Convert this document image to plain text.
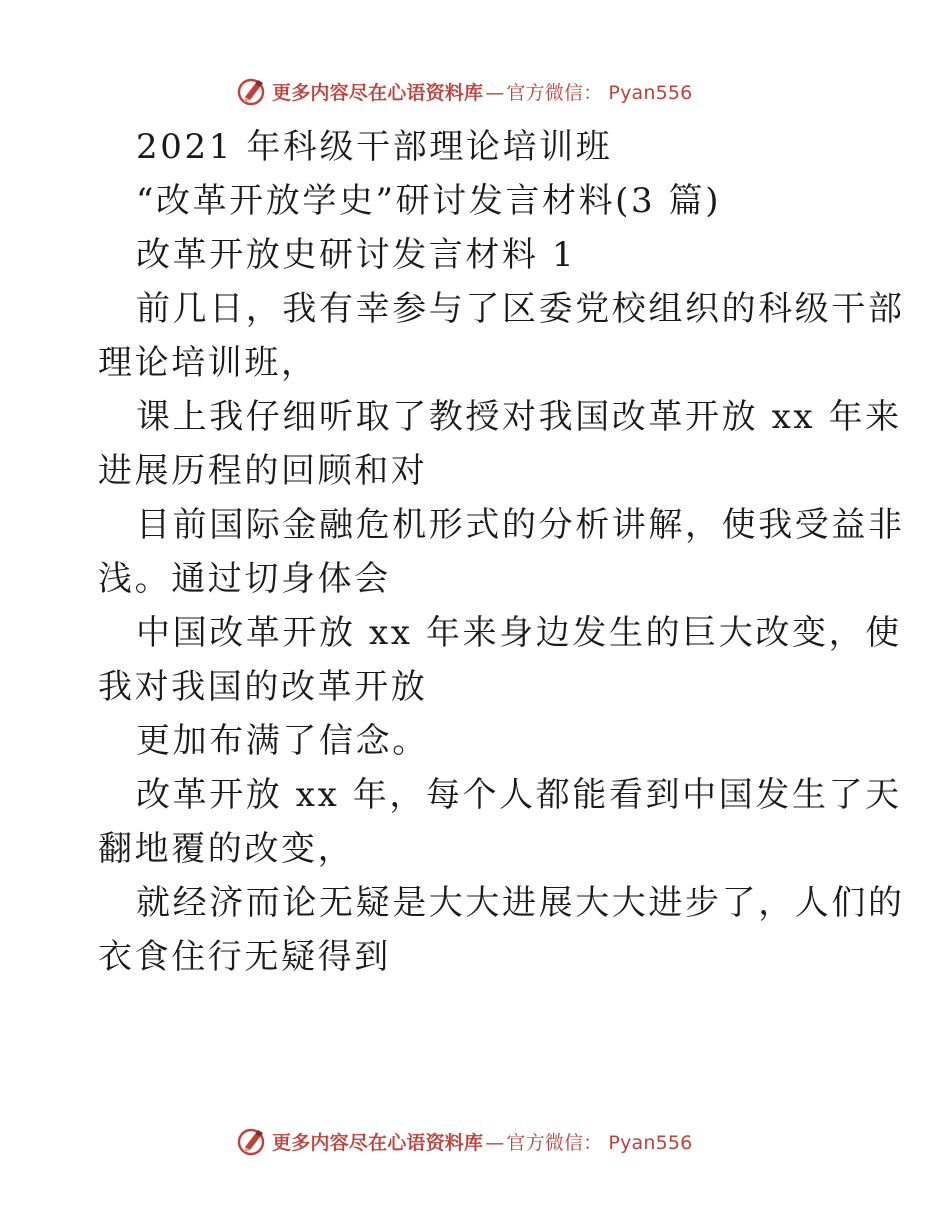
更多内容尽在心语资料库 — 官方微信： Pyan556
2021 年科级干部理论培训班
“改革开放学史”研讨发言材料(3 篇)
改革开放史研讨发言材料 1
前几日，我有幸参与了区委党校组织的科级干部
理论培训班，
课上我仔细听取了教授对我国改革开放 xx 年来
进展历程的回顾和对
目前国际金融危机形式的分析讲解，使我受益非
浅。通过切身体会
中国改革开放 xx 年来身边发生的巨大改变，使
我对我国的改革开放
更加布满了信念。
改革开放 xx 年，每个人都能看到中国发生了天
翻地覆的改变，
就经济而论无疑是大大进展大大进步了，人们的
衣食住行无疑得到
更多内容尽在心语资料库 — 官方微信： Pyan556
